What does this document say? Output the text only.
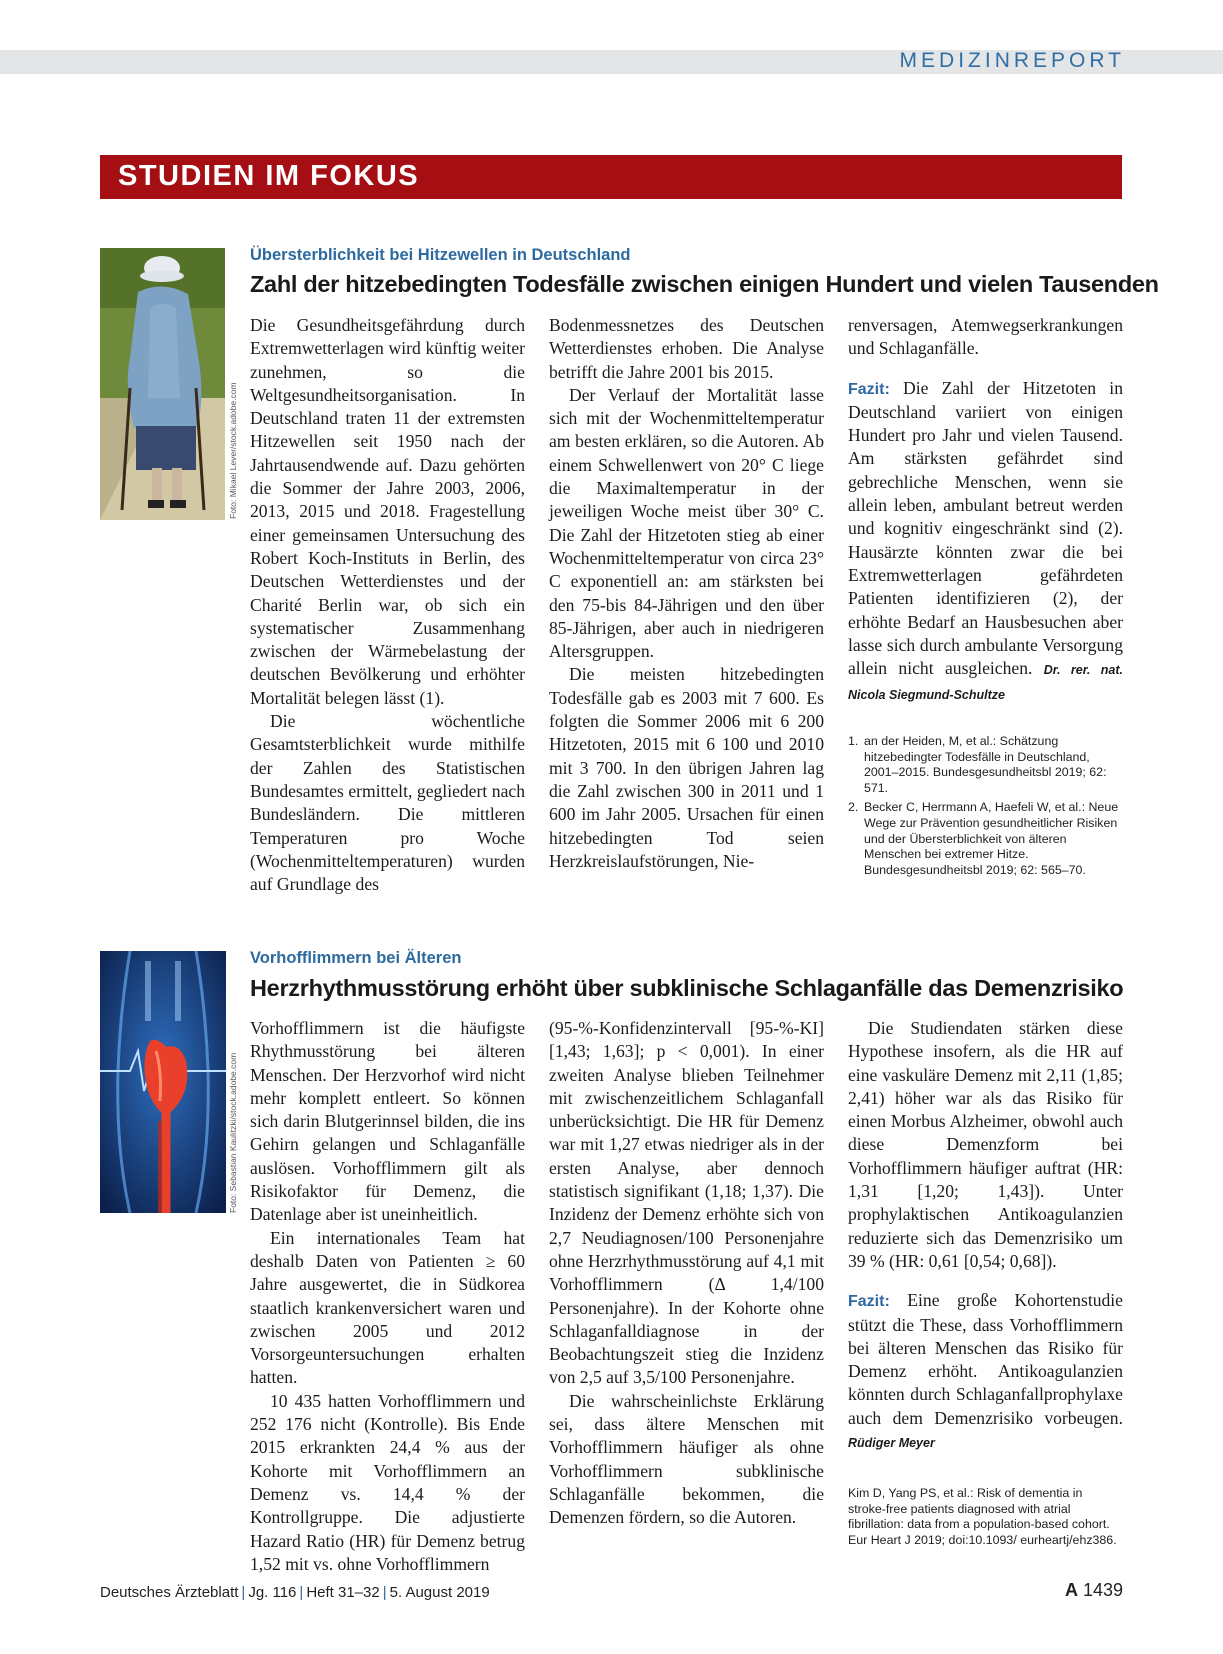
MEDIZINREPORT
STUDIEN IM FOKUS
Foto: Mikael Lever/stock.adobe.com
Übersterblichkeit bei Hitzewellen in Deutschland
Zahl der hitzebedingten Todesfälle zwischen einigen Hundert und vielen Tausenden

Die Gesundheitsgefährdung durch Extremwetterlagen wird künftig weiter zunehmen, so die Weltgesundheitsorganisation. In Deutschland traten 11 der extremsten Hitzewellen seit 1950 nach der Jahrtausendwende auf. Dazu gehörten die Sommer der Jahre 2003, 2006, 2013, 2015 und 2018. Fragestellung einer gemeinsamen Untersuchung des Robert Koch-Instituts in Berlin, des Deutschen Wetterdienstes und der Charité Berlin war, ob sich ein systematischer Zusammenhang zwischen der Wärmebelastung der deutschen Bevölkerung und erhöhter Mortalität belegen lässt (1).

Die wöchentliche Gesamtsterblichkeit wurde mithilfe der Zahlen des Statistischen Bundesamtes ermittelt, gegliedert nach Bundesländern. Die mittleren Temperaturen pro Woche (Wochenmitteltemperaturen) wurden auf Grundlage des

Bodenmessnetzes des Deutschen Wetterdienstes erhoben. Die Analyse betrifft die Jahre 2001 bis 2015.

Der Verlauf der Mortalität lasse sich mit der Wochenmitteltemperatur am besten erklären, so die Autoren. Ab einem Schwellenwert von 20° C liege die Maximaltemperatur in der jeweiligen Woche meist über 30° C. Die Zahl der Hitzetoten stieg ab einer Wochenmitteltemperatur von circa 23° C exponentiell an: am stärksten bei den 75-bis 84-Jährigen und den über 85-Jährigen, aber auch in niedrigeren Altersgruppen.

Die meisten hitzebedingten Todesfälle gab es 2003 mit 7 600. Es folgten die Sommer 2006 mit 6 200 Hitzetoten, 2015 mit 6 100 und 2010 mit 3 700. In den übrigen Jahren lag die Zahl zwischen 300 in 2011 und 1 600 im Jahr 2005. Ursachen für einen hitzebedingten Tod seien Herzkreislaufstörungen, Nie-

renversagen, Atemwegserkrankungen und Schlaganfälle.

Fazit: Die Zahl der Hitzetoten in Deutschland variiert von einigen Hundert pro Jahr und vielen Tausend. Am stärksten gefährdet sind gebrechliche Menschen, wenn sie allein leben, ambulant betreut werden und kognitiv eingeschränkt sind (2). Hausärzte könnten zwar die bei Extremwetterlagen gefährdeten Patienten identifizieren (2), der erhöhte Bedarf an Hausbesuchen aber lasse sich durch ambulante Versorgung allein nicht ausgleichen. Dr. rer. nat. Nicola Siegmund-Schultze

1. an der Heiden, M, et al.: Schätzung hitzebedingter Todesfälle in Deutschland, 2001–2015. Bundesgesundheitsbl 2019; 62: 571.
2. Becker C, Herrmann A, Haefeli W, et al.: Neue Wege zur Prävention gesundheitlicher Risiken und der Übersterblichkeit von älteren Menschen bei extremer Hitze. Bundesgesundheitsbl 2019; 62: 565–70.
Foto: Sebastian Kaulitzki/stock.adobe.com
Vorhofflimmern bei Älteren
Herzrhythmusstörung erhöht über subklinische Schlaganfälle das Demenzrisiko

Vorhofflimmern ist die häufigste Rhythmusstörung bei älteren Menschen. Der Herzvorhof wird nicht mehr komplett entleert. So können sich darin Blutgerinnsel bilden, die ins Gehirn gelangen und Schlaganfälle auslösen. Vorhofflimmern gilt als Risikofaktor für Demenz, die Datenlage aber ist uneinheitlich.

Ein internationales Team hat deshalb Daten von Patienten ≥ 60 Jahre ausgewertet, die in Südkorea staatlich krankenversichert waren und zwischen 2005 und 2012 Vorsorgeuntersuchungen erhalten hatten.

10 435 hatten Vorhofflimmern und 252 176 nicht (Kontrolle). Bis Ende 2015 erkrankten 24,4 % aus der Kohorte mit Vorhofflimmern an Demenz vs. 14,4 % der Kontrollgruppe. Die adjustierte Hazard Ratio (HR) für Demenz betrug 1,52 mit vs. ohne Vorhofflimmern

(95-%-Konfidenzintervall [95-%-KI] [1,43; 1,63]; p < 0,001). In einer zweiten Analyse blieben Teilnehmer mit zwischenzeitlichem Schlaganfall unberücksichtigt. Die HR für Demenz war mit 1,27 etwas niedriger als in der ersten Analyse, aber dennoch statistisch signifikant (1,18; 1,37). Die Inzidenz der Demenz erhöhte sich von 2,7 Neudiagnosen/100 Personenjahre ohne Herzrhythmusstörung auf 4,1 mit Vorhofflimmern (Δ 1,4/100 Personenjahre). In der Kohorte ohne Schlaganfalldiagnose in der Beobachtungszeit stieg die Inzidenz von 2,5 auf 3,5/100 Personenjahre.

Die wahrscheinlichste Erklärung sei, dass ältere Menschen mit Vorhofflimmern häufiger als ohne Vorhofflimmern subklinische Schlaganfälle bekommen, die Demenzen fördern, so die Autoren.

Die Studiendaten stärken diese Hypothese insofern, als die HR auf eine vaskuläre Demenz mit 2,11 (1,85; 2,41) höher war als das Risiko für einen Morbus Alzheimer, obwohl auch diese Demenzform bei Vorhofflimmern häufiger auftrat (HR: 1,31 [1,20; 1,43]). Unter prophylaktischen Antikoagulanzien reduzierte sich das Demenzrisiko um 39 % (HR: 0,61 [0,54; 0,68]).

Fazit: Eine große Kohortenstudie stützt die These, dass Vorhofflimmern bei älteren Menschen das Risiko für Demenz erhöht. Antikoagulanzien könnten durch Schlaganfallprophylaxe auch dem Demenzrisiko vorbeugen. Rüdiger Meyer

Kim D, Yang PS, et al.: Risk of dementia in stroke-free patients diagnosed with atrial fibrillation: data from a population-based cohort. Eur Heart J 2019; doi:10.1093/ eurheartj/ehz386.

Deutsches Ärzteblatt | Jg. 116 | Heft 31–32 | 5. August 2019	A 1439
